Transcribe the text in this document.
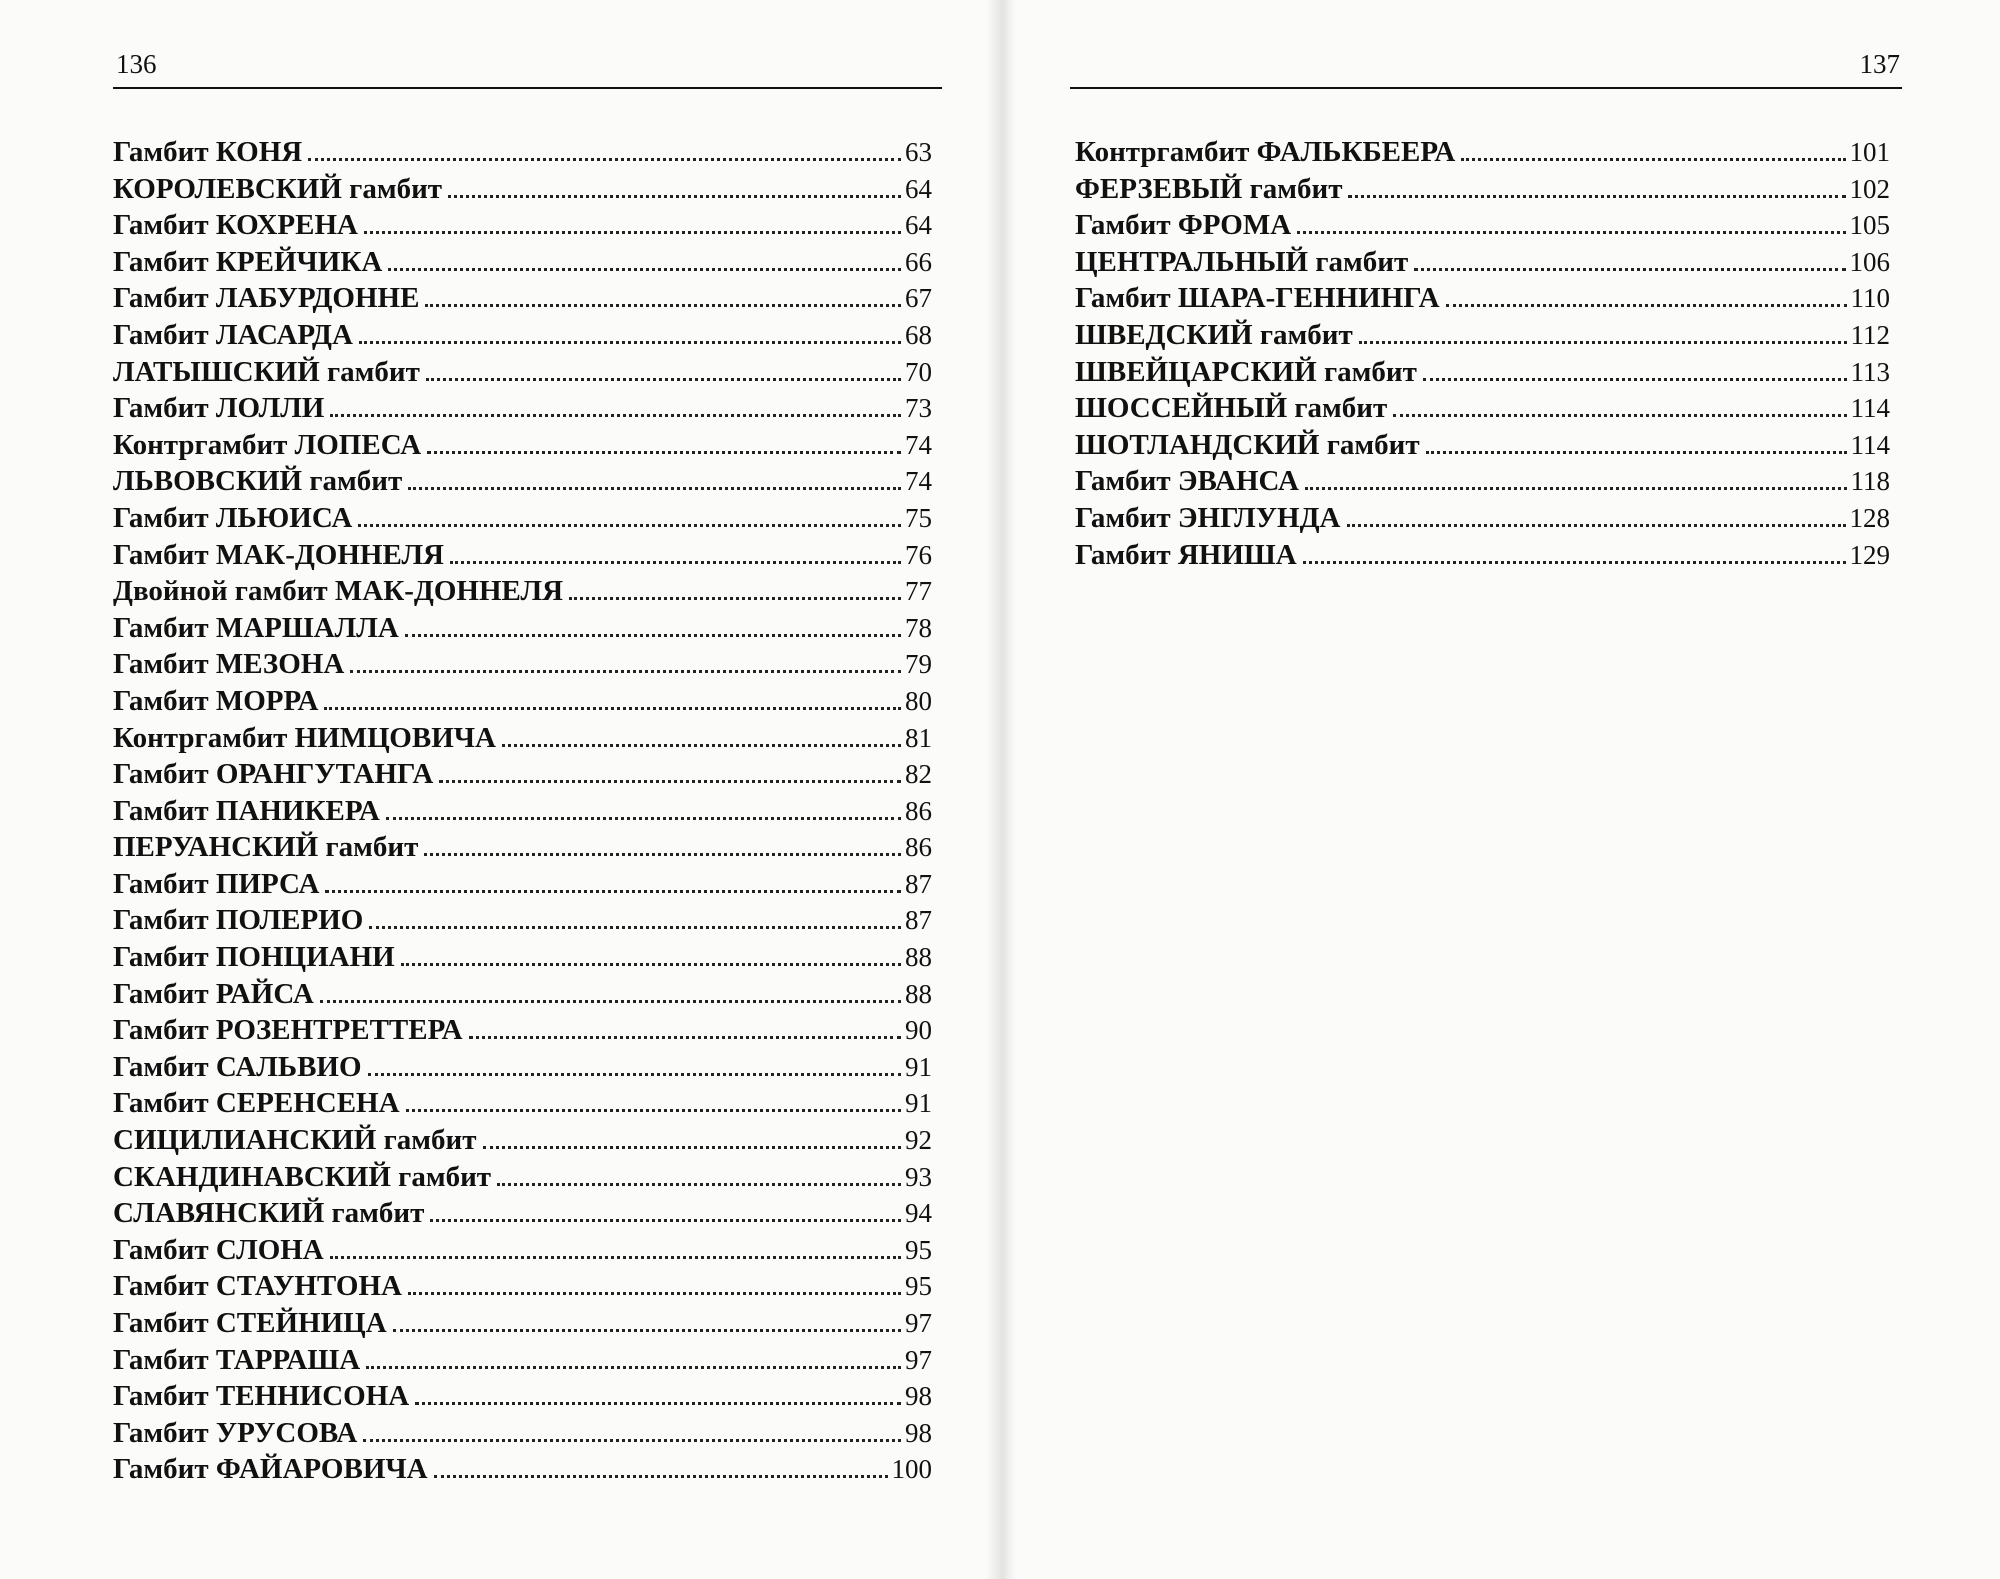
136
Гамбит КОНЯ	63
КОРОЛЕВСКИЙ гамбит	64
Гамбит КОХРЕНА	64
Гамбит КРЕЙЧИКА	66
Гамбит ЛАБУРДОННЕ	67
Гамбит ЛАСАРДА	68
ЛАТЫШСКИЙ гамбит	70
Гамбит ЛОЛЛИ	73
Контргамбит ЛОПЕСА	74
ЛЬВОВСКИЙ гамбит	74
Гамбит ЛЬЮИСА	75
Гамбит МАК-ДОННЕЛЯ	76
Двойной гамбит МАК-ДОННЕЛЯ	77
Гамбит МАРШАЛЛА	78
Гамбит МЕЗОНА	79
Гамбит МОРРА	80
Контргамбит НИМЦОВИЧА	81
Гамбит ОРАНГУТАНГА	82
Гамбит ПАНИКЕРА	86
ПЕРУАНСКИЙ гамбит	86
Гамбит ПИРСА	87
Гамбит ПОЛЕРИО	87
Гамбит ПОНЦИАНИ	88
Гамбит РАЙСА	88
Гамбит РОЗЕНТРЕТТЕРА	90
Гамбит САЛЬВИО	91
Гамбит СЕРЕНСЕНА	91
СИЦИЛИАНСКИЙ гамбит	92
СКАНДИНАВСКИЙ гамбит	93
СЛАВЯНСКИЙ гамбит	94
Гамбит СЛОНА	95
Гамбит СТАУНТОНА	95
Гамбит СТЕЙНИЦА	97
Гамбит ТАРРАША	97
Гамбит ТЕННИСОНА	98
Гамбит УРУСОВА	98
Гамбит ФАЙАРОВИЧА	100
137
Контргамбит ФАЛЬКБЕЕРА	101
ФЕРЗЕВЫЙ гамбит	102
Гамбит ФРОМА	105
ЦЕНТРАЛЬНЫЙ гамбит	106
Гамбит ШАРА-ГЕННИНГА	110
ШВЕДСКИЙ гамбит	112
ШВЕЙЦАРСКИЙ гамбит	113
ШОССЕЙНЫЙ гамбит	114
ШОТЛАНДСКИЙ гамбит	114
Гамбит ЭВАНСА	118
Гамбит ЭНГЛУНДА	128
Гамбит ЯНИША	129
